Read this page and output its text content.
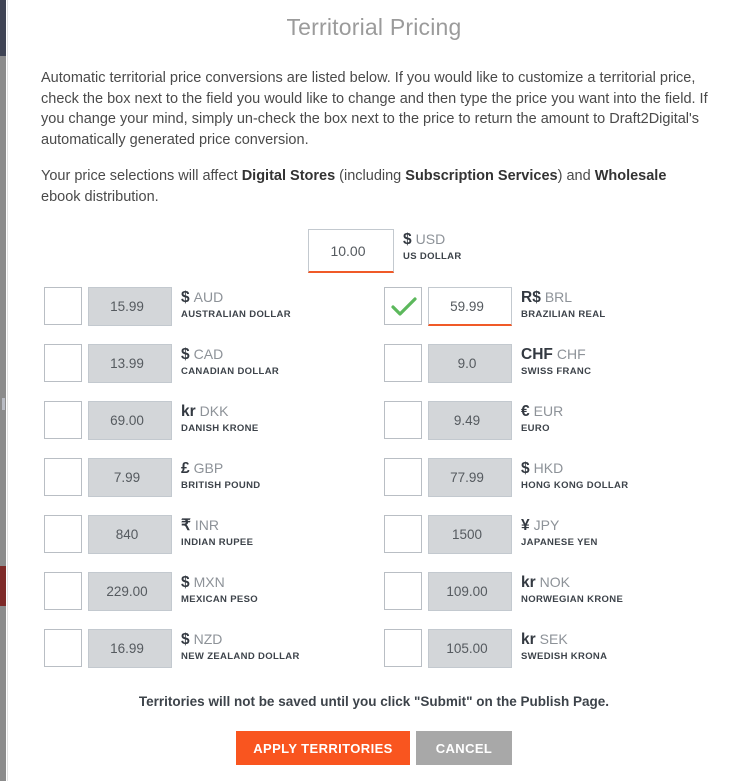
Territorial Pricing

Automatic territorial price conversions are listed below. If you would like to customize a territorial price, check the box next to the field you would like to change and then type the price you want into the field. If you change your mind, simply un-check the box next to the price to return the amount to Draft2Digital's automatically generated price conversion.

Your price selections will affect Digital Stores (including Subscription Services) and Wholesale ebook distribution.

10.00
$ USD
US DOLLAR
15.99
$ AUD
AUSTRALIAN DOLLAR
59.99
R$ BRL
BRAZILIAN REAL
13.99
$ CAD
CANADIAN DOLLAR
9.0
CHF CHF
SWISS FRANC
69.00
kr DKK
DANISH KRONE
9.49
€ EUR
EURO
7.99
£ GBP
BRITISH POUND
77.99
$ HKD
HONG KONG DOLLAR
840
₹ INR
INDIAN RUPEE
1500
¥ JPY
JAPANESE YEN
229.00
$ MXN
MEXICAN PESO
109.00
kr NOK
NORWEGIAN KRONE
16.99
$ NZD
NEW ZEALAND DOLLAR
105.00
kr SEK
SWEDISH KRONA
Territories will not be saved until you click "Submit" on the Publish Page.
APPLY TERRITORIES	CANCEL
